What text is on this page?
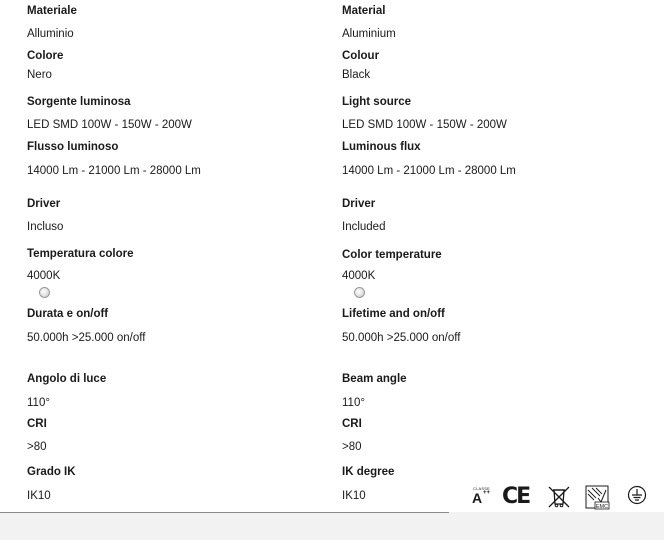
Materiale
Alluminio
Colore
Nero
Sorgente luminosa
LED SMD 100W - 150W - 200W
Flusso luminoso
14000 Lm - 21000 Lm - 28000 Lm
Driver
Incluso
Temperatura colore
4000K
Durata e on/off
50.000h >25.000 on/off
Angolo di luce
110°
CRI
>80
Grado IK
IK10
Material
Aluminium
Colour
Black
Light source
LED SMD 100W - 150W - 200W
Luminous flux
14000 Lm - 21000 Lm - 28000 Lm
Driver
Included
Color temperature
4000K
Lifetime and on/off
50.000h >25.000 on/off
Beam angle
110°
CRI
>80
IK degree
IK10
CLASSE
A ++ CE	EMC
